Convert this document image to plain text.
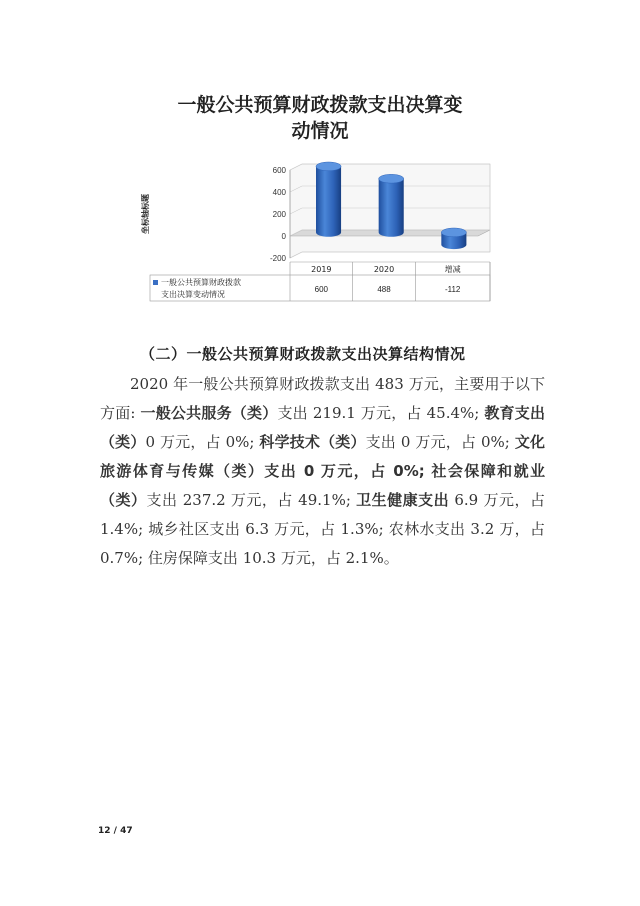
一般公共预算财政拨款支出决算变
动情况
600
400
200
0
-200
坐标轴标题
2019
600
2020
488
增减
-112
一般公共预算财政拨款
支出决算变动情况
（二）一般公共预算财政拨款支出决算结构情况

2020 年一般公共预算财政拨款支出 483 万元，主要用于以下方面: 一般公共服务（类）支出 219.1 万元，占 45.4%; 教育支出（类）0 万元，占 0%; 科学技术（类）支出 0 万元，占 0%; 文化旅游体育与传媒（类）支出 0 万元，占 0%; 社会保障和就业（类）支出 237.2 万元，占 49.1%; 卫生健康支出 6.9 万元，占 1.4%; 城乡社区支出 6.3 万元，占 1.3%; 农林水支出 3.2 万，占 0.7%; 住房保障支出 10.3 万元，占 2.1%。

12 / 47
